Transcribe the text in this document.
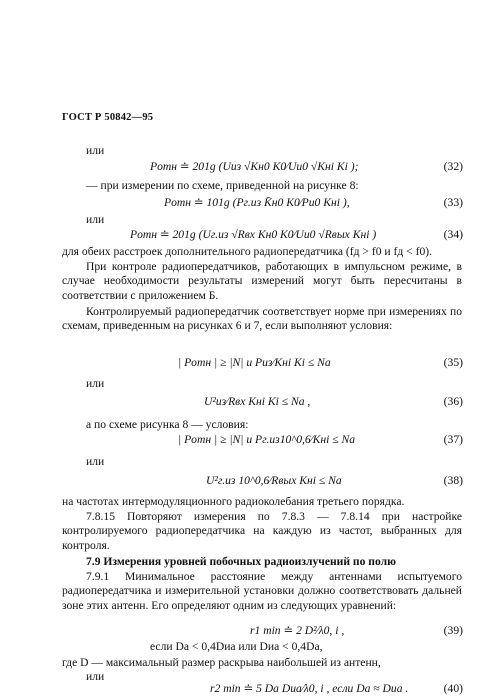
ГОСТ Р 50842—95
или
Pотн ≐ 201g (Uиз √Kн0 K0⁄Uи0 √Kнi Ki );	(32)
— при измерении по схеме, приведенной на рисунке 8:
Pотн ≐ 101g (Pг.из K̄н0 K0⁄Pи0 Kнi ),	(33)
или
Pотн ≐ 201g (Uг.из √Rвх Kн0 K0⁄Uи0 √Rвых Kнi )	(34)
для обеих расстроек дополнительного радиопередатчика (fд > f0 и fд < f0).
При контроле радиопередатчиков, работающих в импульсном режиме, в случае необходимости результаты измерений могут быть пересчитаны в соответствии с приложением Б.
Контролируемый радиопередатчик соответствует норме при измерениях по схемам, приведенным на рисунках 6 и 7, если выполняют условия:
| Pотн | ≥ |N| и Pиз⁄Kнi Ki ≤ Nа	(35)
или
U²из⁄Rвх Kнi Ki ≤ Nа ,	(36)
а по схеме рисунка 8 — условия:
| Pотн | ≥ |N| и Pг.из10^0,6⁄Kнi ≤ Nа	(37)
или
U²г.из 10^0,6⁄Rвых Kнi ≤ Nа	(38)
на частотах интермодуляционного радиоколебания третьего порядка.
7.8.15 Повторяют измерения по 7.8.3 — 7.8.14 при настройке контролируемого радиопередатчика на каждую из частот, выбранных для контроля.
7.9 Измерения уровней побочных радиоизлучений по полю
7.9.1 Минимальное расстояние между антеннами испытуемого радиопередатчика и измерительной установки должно соответствовать дальней зоне этих антенн. Его определяют одним из следующих уравнений:
r1 min ≐ 2 D²⁄λ0, i ,	(39)
если Dа < 0,4Dиа или Dиа < 0,4Dа,
где D — максимальный размер раскрыва наибольшей из антенн,
или
r2 min ≐ 5 Dа Dиа⁄λ0, i , если Dа ≈ Dиа .	(40)
